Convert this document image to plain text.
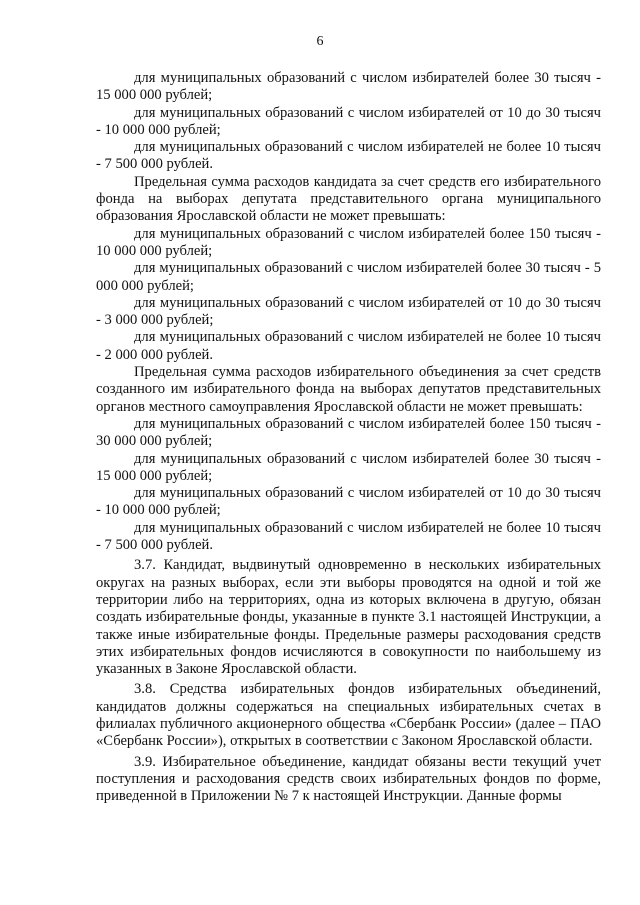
6

для муниципальных образований с числом избирателей более 30 тысяч - 15 000 000 рублей;

для муниципальных образований с числом избирателей от 10 до 30 тысяч - 10 000 000 рублей;

для муниципальных образований с числом избирателей не более 10 тысяч - 7 500 000 рублей.

Предельная сумма расходов кандидата за счет средств его избирательного фонда на выборах депутата представительного органа муниципального образования Ярославской области не может превышать:

для муниципальных образований с числом избирателей более 150 тысяч - 10 000 000 рублей;

для муниципальных образований с числом избирателей более 30 тысяч - 5 000 000 рублей;

для муниципальных образований с числом избирателей от 10 до 30 тысяч - 3 000 000 рублей;

для муниципальных образований с числом избирателей не более 10 тысяч - 2 000 000 рублей.

Предельная сумма расходов избирательного объединения за счет средств созданного им избирательного фонда на выборах депутатов представительных органов местного самоуправления Ярославской области не может превышать:

для муниципальных образований с числом избирателей более 150 тысяч - 30 000 000 рублей;

для муниципальных образований с числом избирателей более 30 тысяч - 15 000 000 рублей;

для муниципальных образований с числом избирателей от 10 до 30 тысяч - 10 000 000 рублей;

для муниципальных образований с числом избирателей не более 10 тысяч - 7 500 000 рублей.

3.7. Кандидат, выдвинутый одновременно в нескольких избирательных округах на разных выборах, если эти выборы проводятся на одной и той же территории либо на территориях, одна из которых включена в другую, обязан создать избирательные фонды, указанные в пункте 3.1 настоящей Инструкции, а также иные избирательные фонды. Предельные размеры расходования средств этих избирательных фондов исчисляются в совокупности по наибольшему из указанных в Законе Ярославской области.

3.8. Средства избирательных фондов избирательных объединений, кандидатов должны содержаться на специальных избирательных счетах в филиалах публичного акционерного общества «Сбербанк России» (далее – ПАО «Сбербанк России»), открытых в соответствии с Законом Ярославской области.

3.9. Избирательное объединение, кандидат обязаны вести текущий учет поступления и расходования средств своих избирательных фондов по форме, приведенной в Приложении № 7 к настоящей Инструкции. Данные формы
